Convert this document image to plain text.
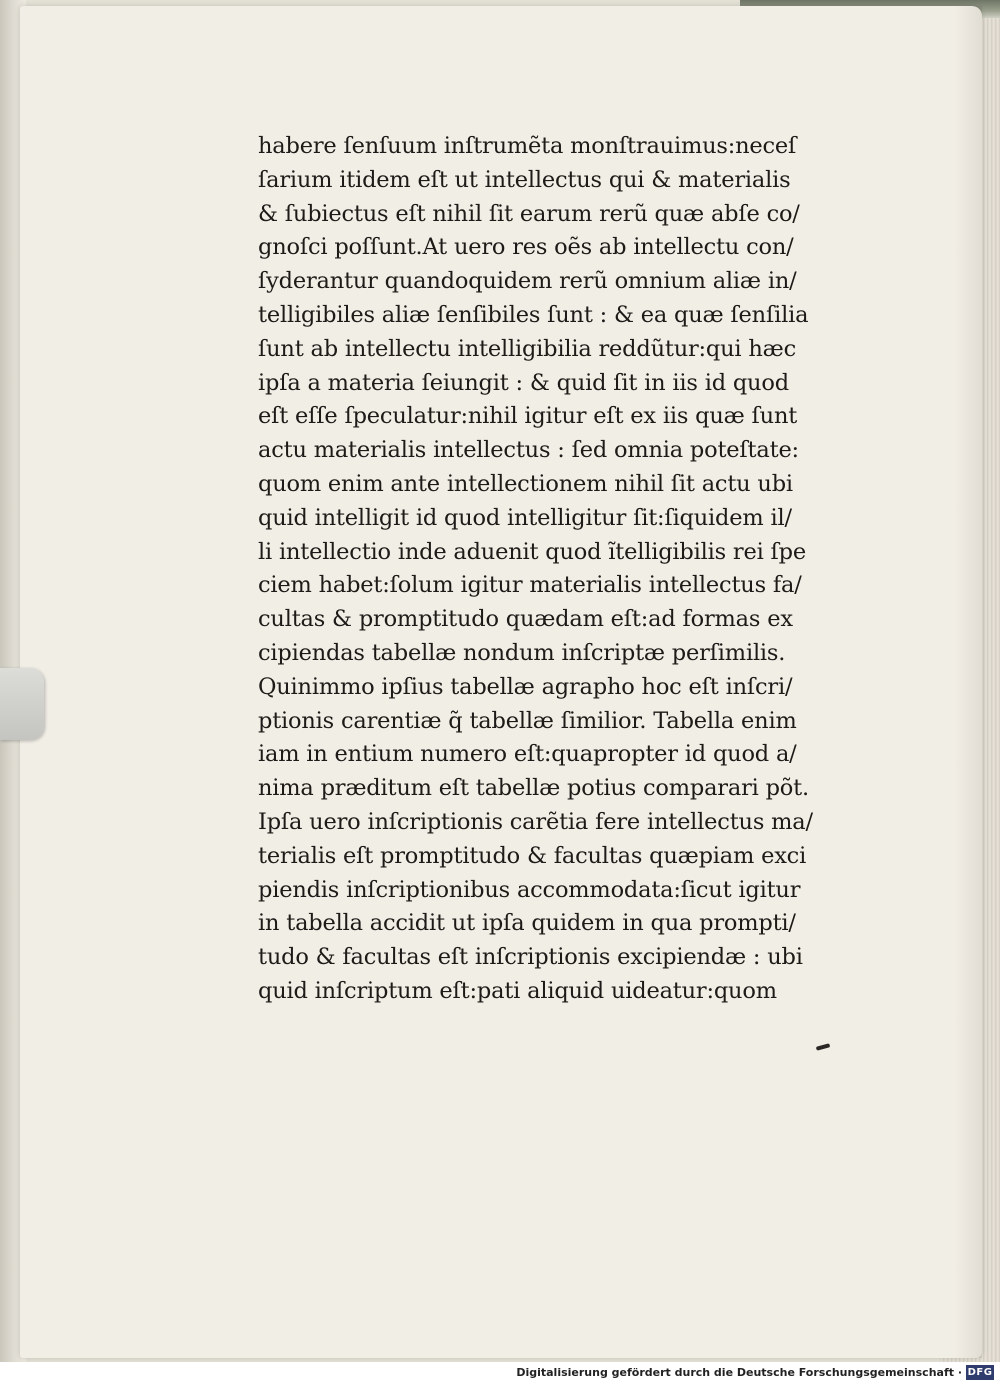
habere ſenſuum inſtrumẽta monſtrauimus:neceſ
ſarium itidem eſt ut intellectus qui & materialis
& ſubiectus eſt nihil ſit earum rerũ quæ abſe co/
gnoſci poſſunt.At uero res oẽs ab intellectu con/
ſyderantur quandoquidem rerũ omnium aliæ in/
telligibiles aliæ ſenſibiles ſunt : & ea quæ ſenſilia
ſunt ab intellectu intelligibilia reddũtur:qui hæc
ipſa a materia ſeiungit : & quid ſit in iis id quod
eſt eſſe ſpeculatur:nihil igitur eſt ex iis quæ ſunt
actu materialis intellectus : ſed omnia poteſtate:
quom enim ante intellectionem nihil ſit actu ubi
quid intelligit id quod intelligitur ſit:ſiquidem il/
li intellectio inde aduenit quod ĩtelligibilis rei ſpe
ciem habet:ſolum igitur materialis intellectus fa/
cultas & promptitudo quædam eſt:ad formas ex
cipiendas tabellæ nondum inſcriptæ perſimilis.
Quinimmo ipſius tabellæ agrapho hoc eſt inſcri/
ptionis carentiæ q̃ tabellæ ſimilior. Tabella enim
iam in entium numero eſt:quapropter id quod a/
nima præditum eſt tabellæ potius comparari põt.
Ipſa uero inſcriptionis carẽtia fere intellectus ma/
terialis eſt promptitudo & facultas quæpiam exci
piendis inſcriptionibus accommodata:ſicut igitur
in tabella accidit ut ipſa quidem in qua prompti/
tudo & facultas eſt inſcriptionis excipiendæ : ubi
quid inſcriptum eſt:pati aliquid uideatur:quom
Digitalisierung gefördert durch die Deutsche Forschungsgemeinschaft · DFG
